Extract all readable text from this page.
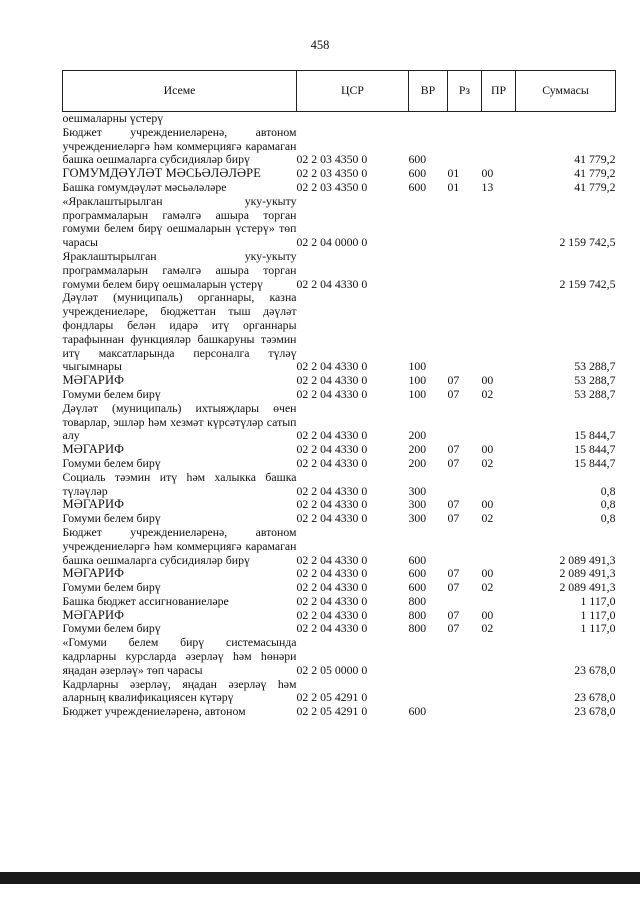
458
Исеме	ЦСР	ВР	Рз	ПР	Суммасы
оешмаларны үстерү					
Бюджет учреждениеләренә, автоном учреждениеләргә һәм коммерциягә карамаган башка оешмаларга субсидияләр бирү	02 2 03 4350 0	600			41 779,2
ГОМУМДӘҮЛӘТ МӘСЬӘЛӘЛӘРЕ	02 2 03 4350 0	600	01	00	41 779,2
Башка гомумдәүләт мәсьәләләре	02 2 03 4350 0	600	01	13	41 779,2
«Яраклаштырылган уку-укыту программаларын гамәлгә ашыра торган гомуми белем бирү оешмаларын үстерү» төп чарасы	02 2 04 0000 0				2 159 742,5
Яраклаштырылган уку-укыту программаларын гамәлгә ашыра торган гомуми белем бирү оешмаларын үстерү	02 2 04 4330 0				2 159 742,5
Дәүләт (муниципаль) органнары, казна учреждениеләре, бюджеттан тыш дәүләт фондлары белән идарә итү органнары тарафыннан функцияләр башкаруны тәэмин итү максатларында персоналга түләү чыгымнары	02 2 04 4330 0	100			53 288,7
МӘГАРИФ	02 2 04 4330 0	100	07	00	53 288,7
Гомуми белем бирү	02 2 04 4330 0	100	07	02	53 288,7
Дәүләт (муниципаль) ихтыяҗлары өчен товарлар, эшләр һәм хезмәт күрсәтүләр сатып алу	02 2 04 4330 0	200			15 844,7
МӘГАРИФ	02 2 04 4330 0	200	07	00	15 844,7
Гомуми белем бирү	02 2 04 4330 0	200	07	02	15 844,7
Социаль тәэмин итү һәм халыкка башка түләүләр	02 2 04 4330 0	300			0,8
МӘГАРИФ	02 2 04 4330 0	300	07	00	0,8
Гомуми белем бирү	02 2 04 4330 0	300	07	02	0,8
Бюджет учреждениеләренә, автоном учреждениеләргә һәм коммерциягә карамаган башка оешмаларга субсидияләр бирү	02 2 04 4330 0	600			2 089 491,3
МӘГАРИФ	02 2 04 4330 0	600	07	00	2 089 491,3
Гомуми белем бирү	02 2 04 4330 0	600	07	02	2 089 491,3
Башка бюджет ассигнованиеләре	02 2 04 4330 0	800			1 117,0
МӘГАРИФ	02 2 04 4330 0	800	07	00	1 117,0
Гомуми белем бирү	02 2 04 4330 0	800	07	02	1 117,0
«Гомуми белем бирү системасында кадрларны курсларда әзерләү һәм һөнәри яңадан әзерләү» төп чарасы	02 2 05 0000 0				23 678,0
Кадрларны әзерләү, яңадан әзерләү һәм аларның квалификациясен күтәрү	02 2 05 4291 0				23 678,0
Бюджет учреждениеләренә, автоном	02 2 05 4291 0	600			23 678,0
